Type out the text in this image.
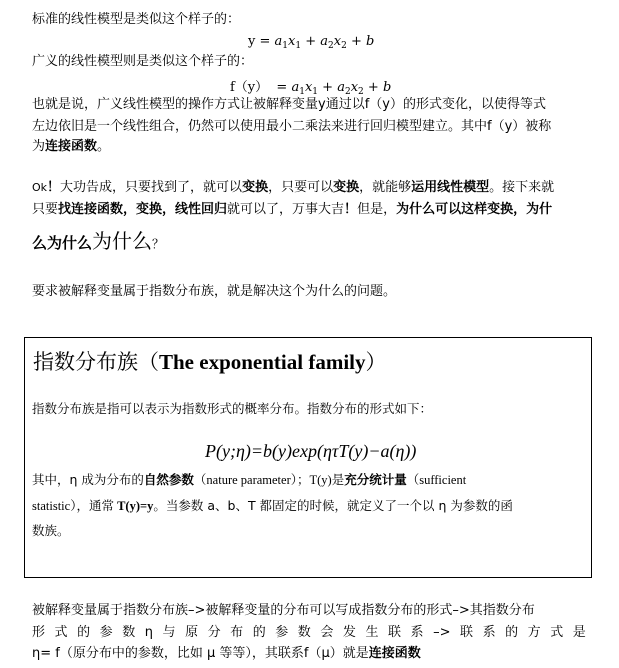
标准的线性模型是类似这个样子的：
$y = a_1x_1 + a_2x_2 + b$
广义的线性模型则是类似这个样子的：
$f(y) = a_1x_1 + a_2x_2 + b$
也就是说，广义线性模型的操作方式让被解释变量y通过以f（y）的形式变化，以使得等式
左边依旧是一个线性组合，仍然可以使用最小二乘法来进行回归模型建立。其中f（y）被称
为连接函数。
Ok！大功告成，只要找到了，就可以变换，只要可以变换，就能够运用线性模型。接下来就
只要找连接函数，变换，线性回归就可以了，万事大吉！但是，为什么可以这样变换，为什
么为什么为什么？
要求被解释变量属于指数分布族，就是解决这个为什么的问题。
指数分布族（The exponential family）
指数分布族是指可以表示为指数形式的概率分布。指数分布的形式如下：
P(y;η)=b(y)exp(ητT(y)−a(η))
其中，η 成为分布的自然参数（nature parameter）；T(y)是充分统计量（sufficient
statistic），通常 T(y)=y。当参数 a、b、T 都固定的时候，就定义了一个以 η 为参数的函
数族。
被解释变量属于指数分布族–>被解释变量的分布可以写成指数分布的形式–>其指数分布
形 式 的 参 数 η 与 原 分 布 的 参 数 会 发 生 联 系 –> 联 系 的 方 式 是
η= f（原分布中的参数，比如 μ 等等），其联系f（μ）就是连接函数
